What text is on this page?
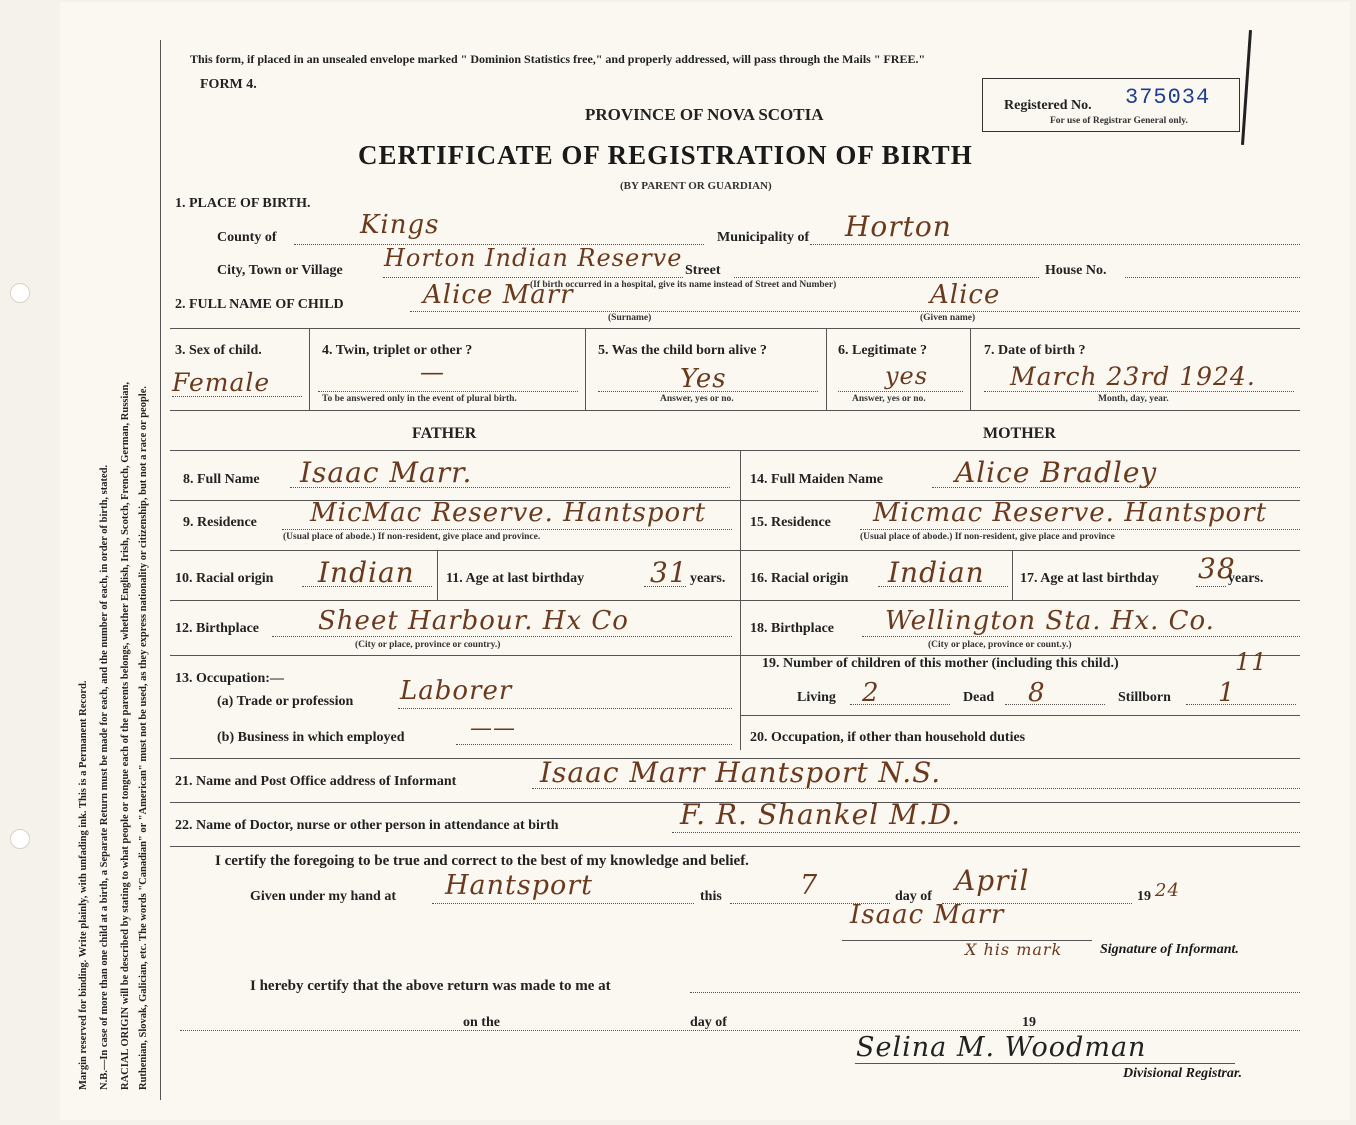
Margin reserved for binding. Write plainly, with unfading ink. This is a Permanent Record. N.B.—In case of more than one child at a birth, a Separate Return must be made for each, and the number of each, in order of birth, stated. RACIAL ORIGIN will be described by stating to what people or tongue each of the parents belongs, whether English, Irish, Scotch, French, German, Russian, Ruthenian, Slovak, Galician, etc. The words "Canadian" or "American" must not be used, as they express nationality or citizenship, but not a race or people.
This form, if placed in an unsealed envelope marked " Dominion Statistics free," and properly addressed, will pass through the Mails " FREE."
FORM 4.
PROVINCE OF NOVA SCOTIA	Registered No. 375034
For use of Registrar General only.
CERTIFICATE OF REGISTRATION OF BIRTH
(BY PARENT OR GUARDIAN)
1. PLACE OF BIRTH.
County of	Kings	Municipality of Horton
City, Town or Village Horton Indian Reserve Street	House No.
(If birth occurred in a hospital, give its name instead of Street and Number)
2. FULL NAME OF CHILD	Alice Marr	Alice
(Surname)	(Given name)
3. Sex of child.
Female
4. Twin, triplet or other ?
—
To be answered only in the event of plural birth.
5. Was the child born alive ?
Yes
Answer, yes or no.
6. Legitimate ?
yes
Answer, yes or no.
7. Date of birth ?
March 23rd 1924.
Month, day, year.
FATHER	MOTHER
8. Full Name Isaac Marr.	14. Full Maiden Name	Alice Bradley
9. Residence MicMac Reserve. Hantsport
(Usual place of abode.) If non-resident, give place and province.
15. Residence Micmac Reserve. Hantsport
(Usual place of abode.) If non-resident, give place and province
10. Racial origin Indian 11. Age at last birthday 31 years. 16. Racial origin Indian	17. Age at last birthday 38
years.
12. Birthplace Sheet Harbour. Hx Co
(City or place, province or country.)
18. Birthplace Wellington Sta. Hx. Co.
(City or place, province or count.y.)
13. Occupation:—
(a) Trade or profession Laborer
19. Number of children of this mother (including this child.)	11
Living 2	Dead 8	Stillborn 1
(b) Business in which employed	——	20. Occupation, if other than household duties
21. Name and Post Office address of Informant	Isaac Marr Hantsport N.S.
22. Name of Doctor, nurse or other person in attendance at birth	F. R. Shankel M.D.
I certify the foregoing to be true and correct to the best of my knowledge and belief.
Given under my hand at Hantsport	this	7	day of April	19 24
Isaac Marr
X his mark	Signature of Informant.
I hereby certify that the above return was made to me at
on the	day of	19
Selina M. Woodman
Divisional Registrar.
